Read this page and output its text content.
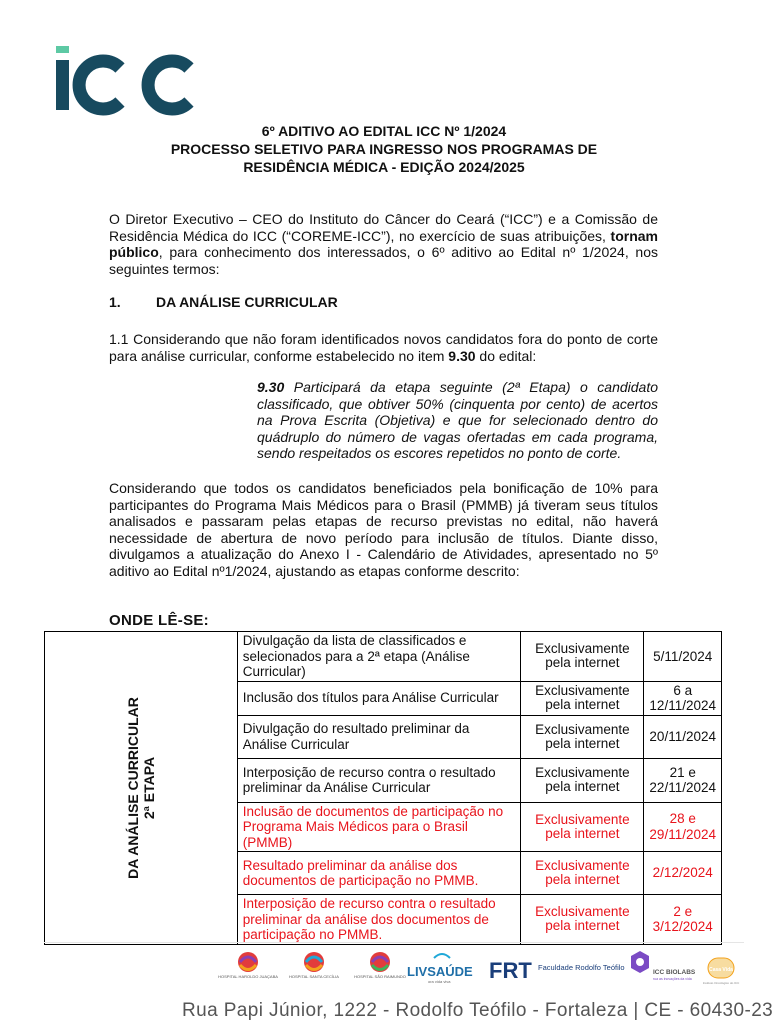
6º ADITIVO AO EDITAL ICC Nº 1/2024
PROCESSO SELETIVO PARA INGRESSO NOS PROGRAMAS DE
RESIDÊNCIA MÉDICA - EDIÇÃO 2024/2025

O Diretor Executivo – CEO do Instituto do Câncer do Ceará (“ICC”) e a Comissão de Residência Médica do ICC (“COREME-ICC”), no exercício de suas atribuições, tornam público, para conhecimento dos interessados, o 6º aditivo ao Edital nº 1/2024, nos seguintes termos:

1.	DA ANÁLISE CURRICULAR

1.1 Considerando que não foram identificados novos candidatos fora do ponto de corte para análise curricular, conforme estabelecido no item 9.30 do edital:

9.30 Participará da etapa seguinte (2ª Etapa) o candidato classificado, que obtiver 50% (cinquenta por cento) de acertos na Prova Escrita (Objetiva) e que for selecionado dentro do quádruplo do número de vagas ofertadas em cada programa, sendo respeitados os escores repetidos no ponto de corte.

Considerando que todos os candidatos beneficiados pela bonificação de 10% para participantes do Programa Mais Médicos para o Brasil (PMMB) já tiveram seus títulos analisados e passaram pelas etapas de recurso previstas no edital, não haverá necessidade de abertura de novo período para inclusão de títulos. Diante disso, divulgamos a atualização do Anexo I - Calendário de Atividades, apresentado no 5º aditivo ao Edital nº1/2024, ajustando as etapas conforme descrito:

ONDE LÊ-SE:
DA ANÁLISE CURRICULAR 2ª ETAPA	Divulgação da lista de classificados e selecionados para a 2ª etapa (Análise Curricular)	Exclusivamente pela internet	5/11/2024
	Inclusão dos títulos para Análise Curricular	Exclusivamente pela internet	6 a 12/11/2024
	Divulgação do resultado preliminar da Análise Curricular	Exclusivamente pela internet	20/11/2024
	Interposição de recurso contra o resultado preliminar da Análise Curricular	Exclusivamente pela internet	21 e 22/11/2024
	Inclusão de documentos de participação no Programa Mais Médicos para o Brasil (PMMB)	Exclusivamente pela internet	28 e 29/11/2024
	Resultado preliminar da análise dos documentos de participação no PMMB.	Exclusivamente pela internet	2/12/2024
	Interposição de recurso contra o resultado preliminar da análise dos documentos de participação no PMMB.	Exclusivamente pela internet	2 e 3/12/2024
HOSPITAL HAROLDO JUAÇABA	HOSPITAL SANTA CECÍLIA	HOSPITAL SÃO RAIMUNDO LIVSAÚDE
ora vida viva FRT Faculdade Rodolfo Teófilo
ICC BIOLABS
rua as inovações da vida
Casa Vida
Instituto Oncológico do ICC
Rua Papi Júnior, 1222 - Rodolfo Teófilo - Fortaleza | CE - 60430-23
